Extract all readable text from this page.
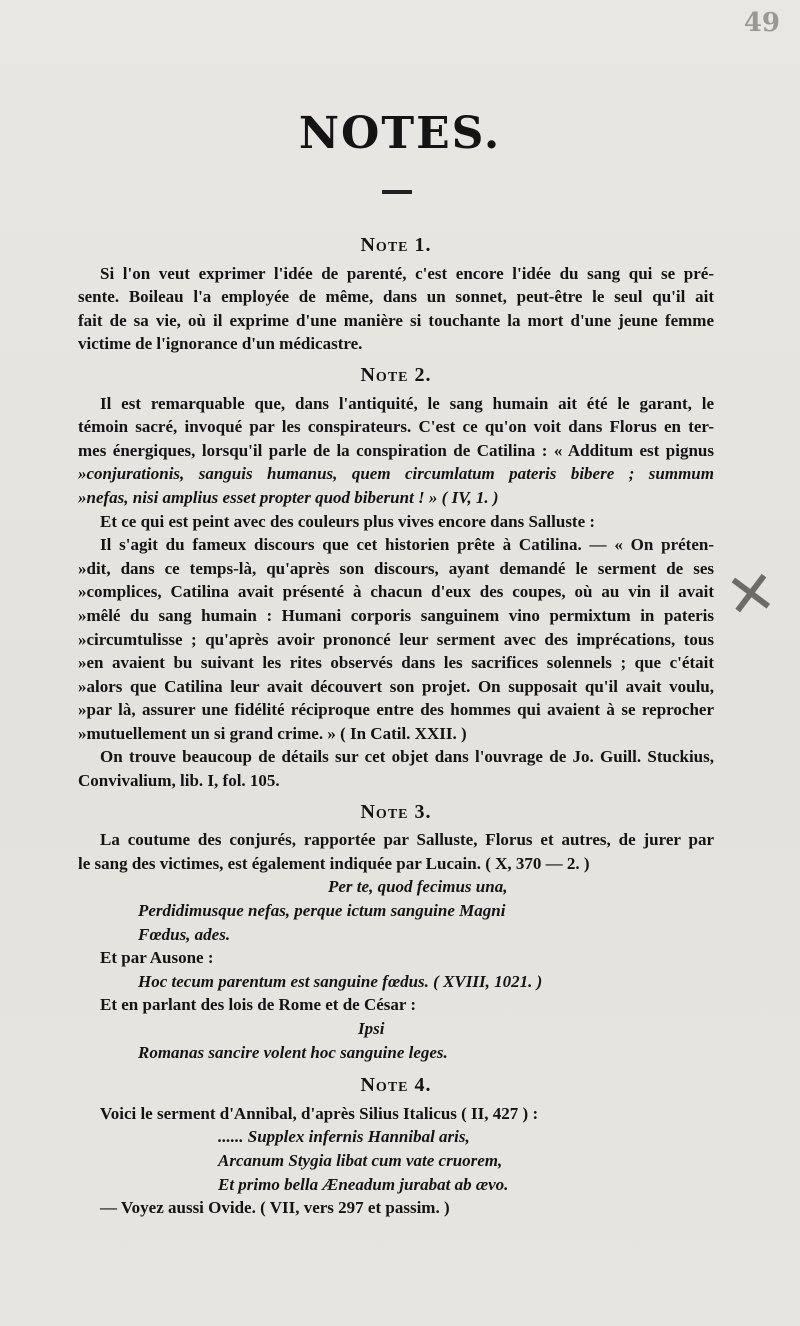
49
✕
NOTES.
Note 1.
Si l'on veut exprimer l'idée de parenté, c'est encore l'idée du sang qui se pré-
sente. Boileau l'a employée de même, dans un sonnet, peut-être le seul qu'il ait
fait de sa vie, où il exprime d'une manière si touchante la mort d'une jeune femme
victime de l'ignorance d'un médicastre.
Note 2.
Il est remarquable que, dans l'antiquité, le sang humain ait été le garant, le
témoin sacré, invoqué par les conspirateurs. C'est ce qu'on voit dans Florus en ter-
mes énergiques, lorsqu'il parle de la conspiration de Catilina : « Additum est pignus
»conjurationis, sanguis humanus, quem circumlatum pateris bibere ; summum
»nefas, nisi amplius esset propter quod biberunt ! » ( IV, 1. )
Et ce qui est peint avec des couleurs plus vives encore dans Salluste :
Il s'agit du fameux discours que cet historien prête à Catilina. — « On préten-
»dit, dans ce temps-là, qu'après son discours, ayant demandé le serment de ses
»complices, Catilina avait présenté à chacun d'eux des coupes, où au vin il avait
»mêlé du sang humain : Humani corporis sanguinem vino permixtum in pateris
»circumtulisse ; qu'après avoir prononcé leur serment avec des imprécations, tous
»en avaient bu suivant les rites observés dans les sacrifices solennels ; que c'était
»alors que Catilina leur avait découvert son projet. On supposait qu'il avait voulu,
»par là, assurer une fidélité réciproque entre des hommes qui avaient à se reprocher
»mutuellement un si grand crime. » ( In Catil. XXII. )
On trouve beaucoup de détails sur cet objet dans l'ouvrage de Jo. Guill. Stuckius,
Convivalium, lib. I, fol. 105.
Note 3.
La coutume des conjurés, rapportée par Salluste, Florus et autres, de jurer par
le sang des victimes, est également indiquée par Lucain. ( X, 370 — 2. )
Per te, quod fecimus una,
Perdidimusque nefas, perque ictum sanguine Magni
Fœdus, ades.
Et par Ausone :
Hoc tecum parentum est sanguine fœdus. ( XVIII, 1021. )
Et en parlant des lois de Rome et de César :
Ipsi
Romanas sancire volent hoc sanguine leges.
Note 4.
Voici le serment d'Annibal, d'après Silius Italicus ( II, 427 ) :
...... Supplex infernis Hannibal aris,
Arcanum Stygia libat cum vate cruorem,
Et primo bella Æneadum jurabat ab ævo.
— Voyez aussi Ovide. ( VII, vers 297 et passim. )
